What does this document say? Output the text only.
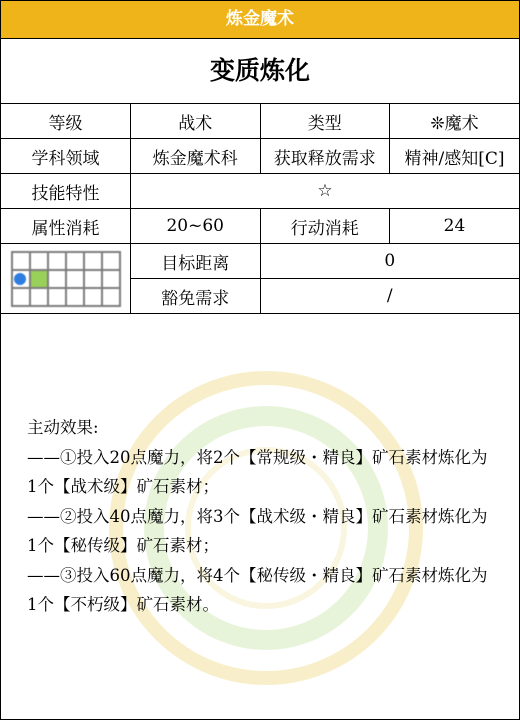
炼金魔术
变质炼化
等级	战术	类型	❊魔术
学科领域	炼金魔术科	获取释放需求	精神/感知[C]
技能特性	☆		
属性消耗	20~60	行动消耗	24

	目标距离	0	
	豁免需求	/	

主动效果:

——①投入20点魔力，将2个【常规级・精良】矿石素材炼化为1个【战术级】矿石素材；

——②投入40点魔力，将3个【战术级・精良】矿石素材炼化为1个【秘传级】矿石素材；

——③投入60点魔力，将4个【秘传级・精良】矿石素材炼化为1个【不朽级】矿石素材。
